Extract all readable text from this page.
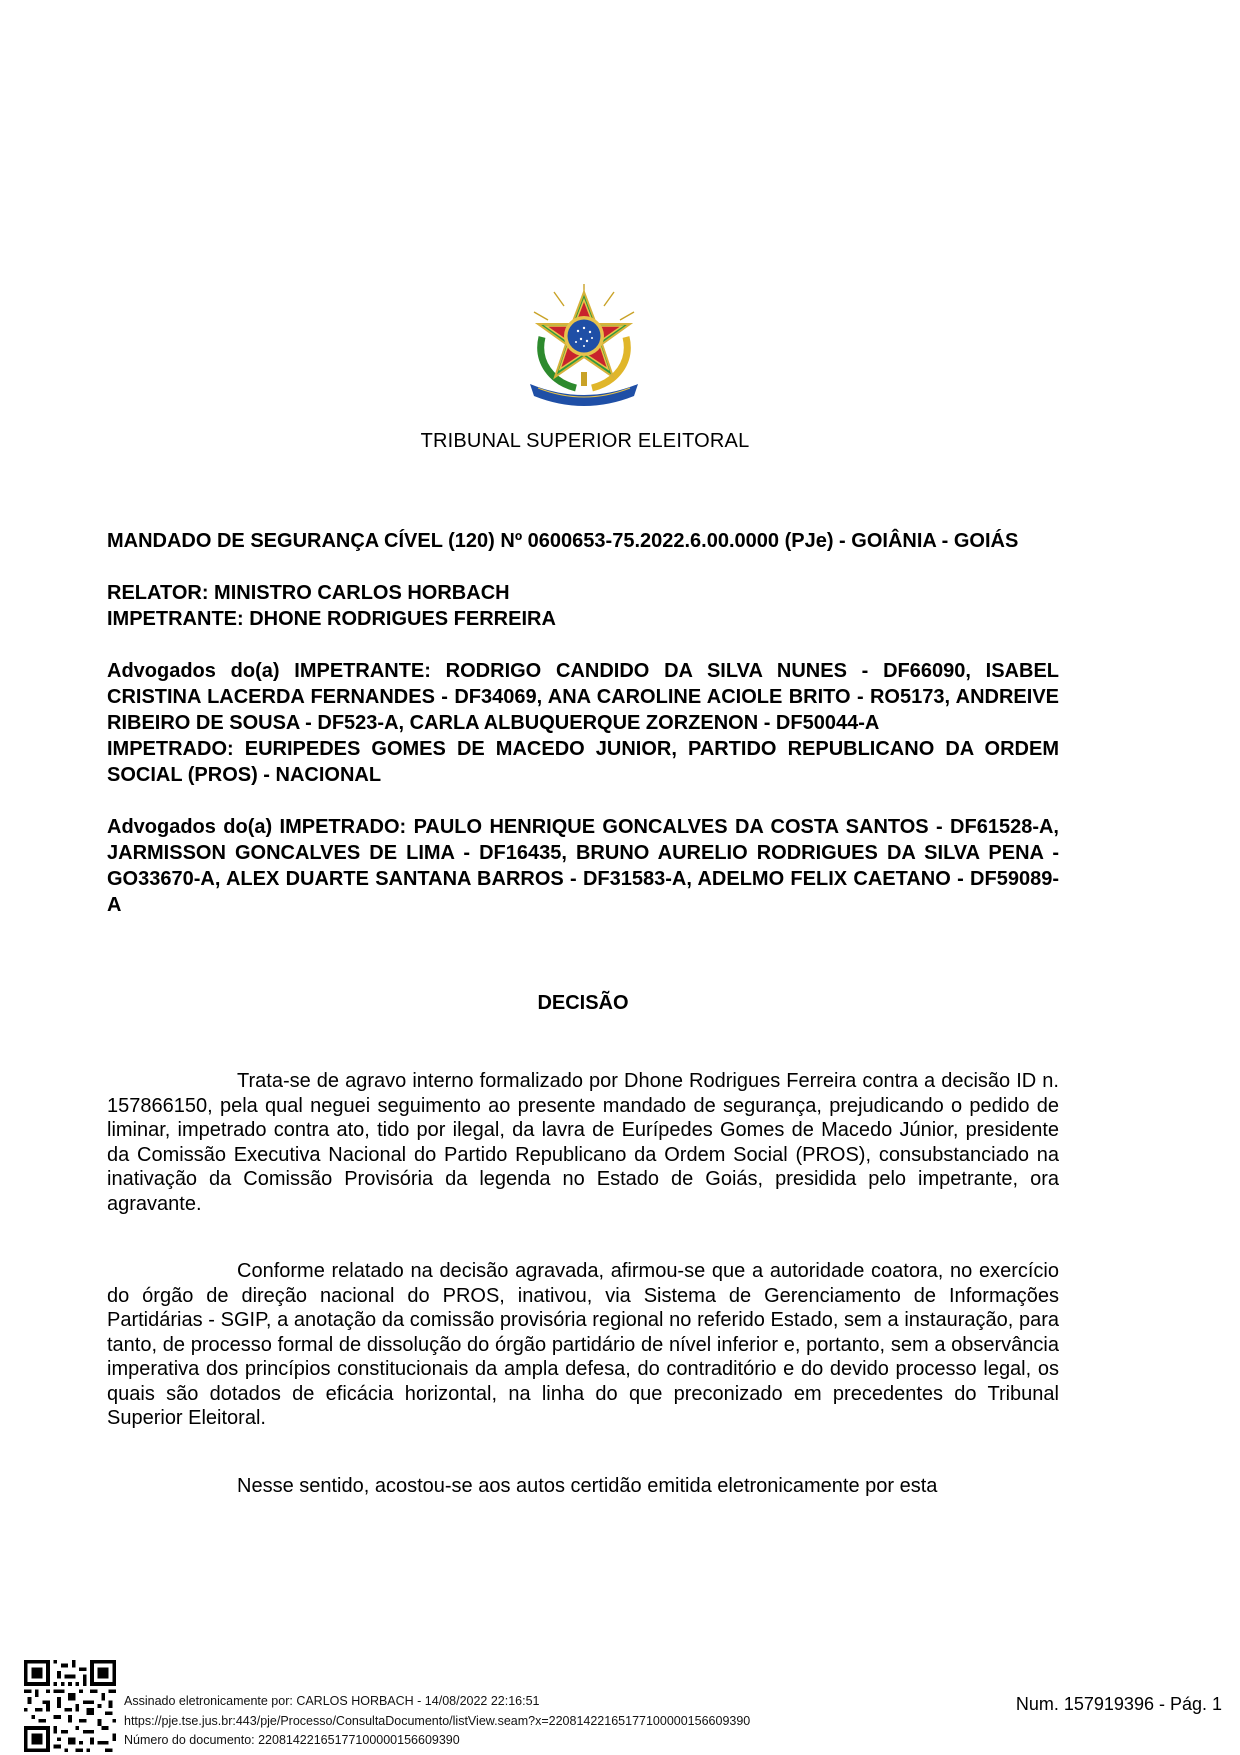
TRIBUNAL SUPERIOR ELEITORAL

MANDADO DE SEGURANÇA CÍVEL (120) Nº 0600653-75.2022.6.00.0000 (PJe) - GOIÂNIA - GOIÁS

RELATOR: MINISTRO CARLOS HORBACH

IMPETRANTE: DHONE RODRIGUES FERREIRA

Advogados do(a) IMPETRANTE: RODRIGO CANDIDO DA SILVA NUNES - DF66090, ISABEL CRISTINA LACERDA FERNANDES - DF34069, ANA CAROLINE ACIOLE BRITO - RO5173, ANDREIVE RIBEIRO DE SOUSA - DF523-A, CARLA ALBUQUERQUE ZORZENON - DF50044-A

IMPETRADO: EURIPEDES GOMES DE MACEDO JUNIOR, PARTIDO REPUBLICANO DA ORDEM SOCIAL (PROS) - NACIONAL

Advogados do(a) IMPETRADO: PAULO HENRIQUE GONCALVES DA COSTA SANTOS - DF61528-A, JARMISSON GONCALVES DE LIMA - DF16435, BRUNO AURELIO RODRIGUES DA SILVA PENA - GO33670-A, ALEX DUARTE SANTANA BARROS - DF31583-A, ADELMO FELIX CAETANO - DF59089-A

DECISÃO

Trata-se de agravo interno formalizado por Dhone Rodrigues Ferreira contra a decisão ID n. 157866150, pela qual neguei seguimento ao presente mandado de segurança, prejudicando o pedido de liminar, impetrado contra ato, tido por ilegal, da lavra de Eurípedes Gomes de Macedo Júnior, presidente da Comissão Executiva Nacional do Partido Republicano da Ordem Social (PROS), consubstanciado na inativação da Comissão Provisória da legenda no Estado de Goiás, presidida pelo impetrante, ora agravante.

Conforme relatado na decisão agravada, afirmou-se que a autoridade coatora, no exercício do órgão de direção nacional do PROS, inativou, via Sistema de Gerenciamento de Informações Partidárias - SGIP, a anotação da comissão provisória regional no referido Estado, sem a instauração, para tanto, de processo formal de dissolução do órgão partidário de nível inferior e, portanto, sem a observância imperativa dos princípios constitucionais da ampla defesa, do contraditório e do devido processo legal, os quais são dotados de eficácia horizontal, na linha do que preconizado em precedentes do Tribunal Superior Eleitoral.

Nesse sentido, acostou-se aos autos certidão emitida eletronicamente por esta

Assinado eletronicamente por: CARLOS HORBACH - 14/08/2022 22:16:51
https://pje.tse.jus.br:443/pje/Processo/ConsultaDocumento/listView.seam?x=22081422165177100000156609390
Número do documento: 22081422165177100000156609390
Num. 157919396 - Pág. 1
